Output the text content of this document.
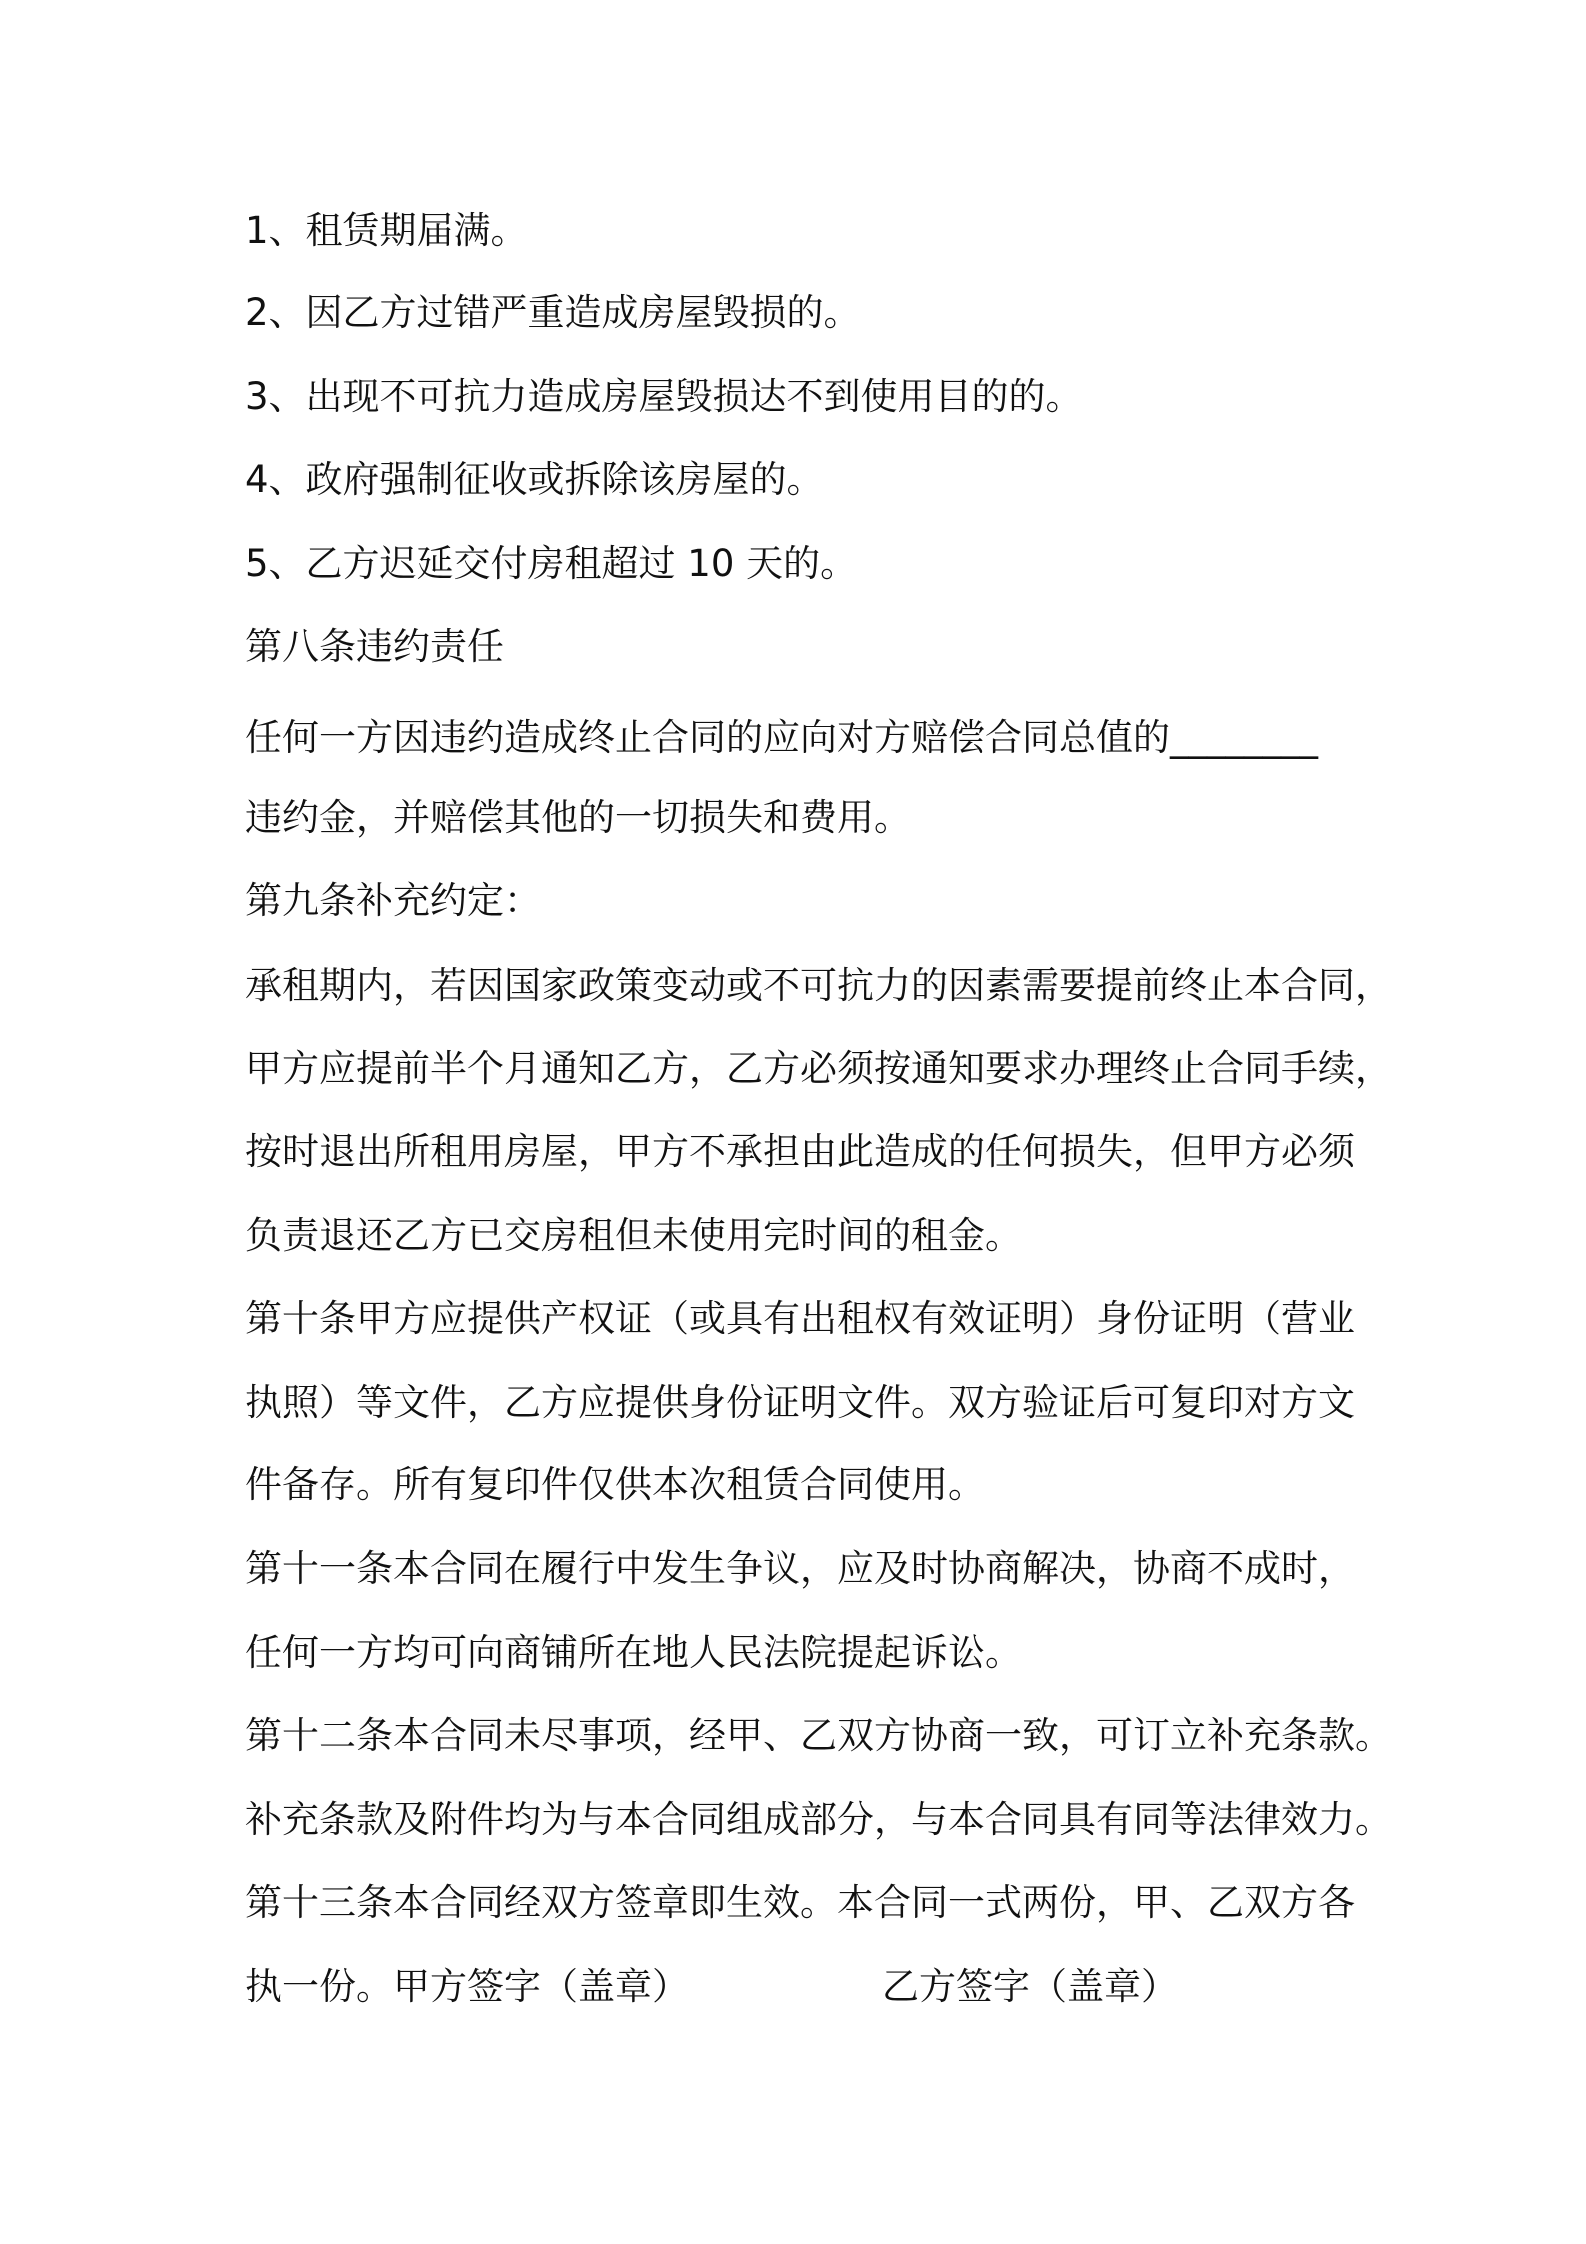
1、租赁期届满。
2、因乙方过错严重造成房屋毁损的。
3、出现不可抗力造成房屋毁损达不到使用目的的。
4、政府强制征收或拆除该房屋的。
5、乙方迟延交付房租超过 10 天的。
第八条违约责任
任何一方因违约造成终止合同的应向对方赔偿合同总值的________
违约金，并赔偿其他的一切损失和费用。
第九条补充约定：
承租期内，若因国家政策变动或不可抗力的因素需要提前终止本合同，
甲方应提前半个月通知乙方，乙方必须按通知要求办理终止合同手续，
按时退出所租用房屋，甲方不承担由此造成的任何损失，但甲方必须
负责退还乙方已交房租但未使用完时间的租金。
第十条甲方应提供产权证（或具有出租权有效证明）身份证明（营业
执照）等文件，乙方应提供身份证明文件。双方验证后可复印对方文
件备存。所有复印件仅供本次租赁合同使用。
第十一条本合同在履行中发生争议，应及时协商解决，协商不成时，
任何一方均可向商铺所在地人民法院提起诉讼。
第十二条本合同未尽事项，经甲、乙双方协商一致，可订立补充条款。
补充条款及附件均为与本合同组成部分，与本合同具有同等法律效力。
第十三条本合同经双方签章即生效。本合同一式两份，甲、乙双方各
执一份。甲方签字（盖章）	乙方签字（盖章）
